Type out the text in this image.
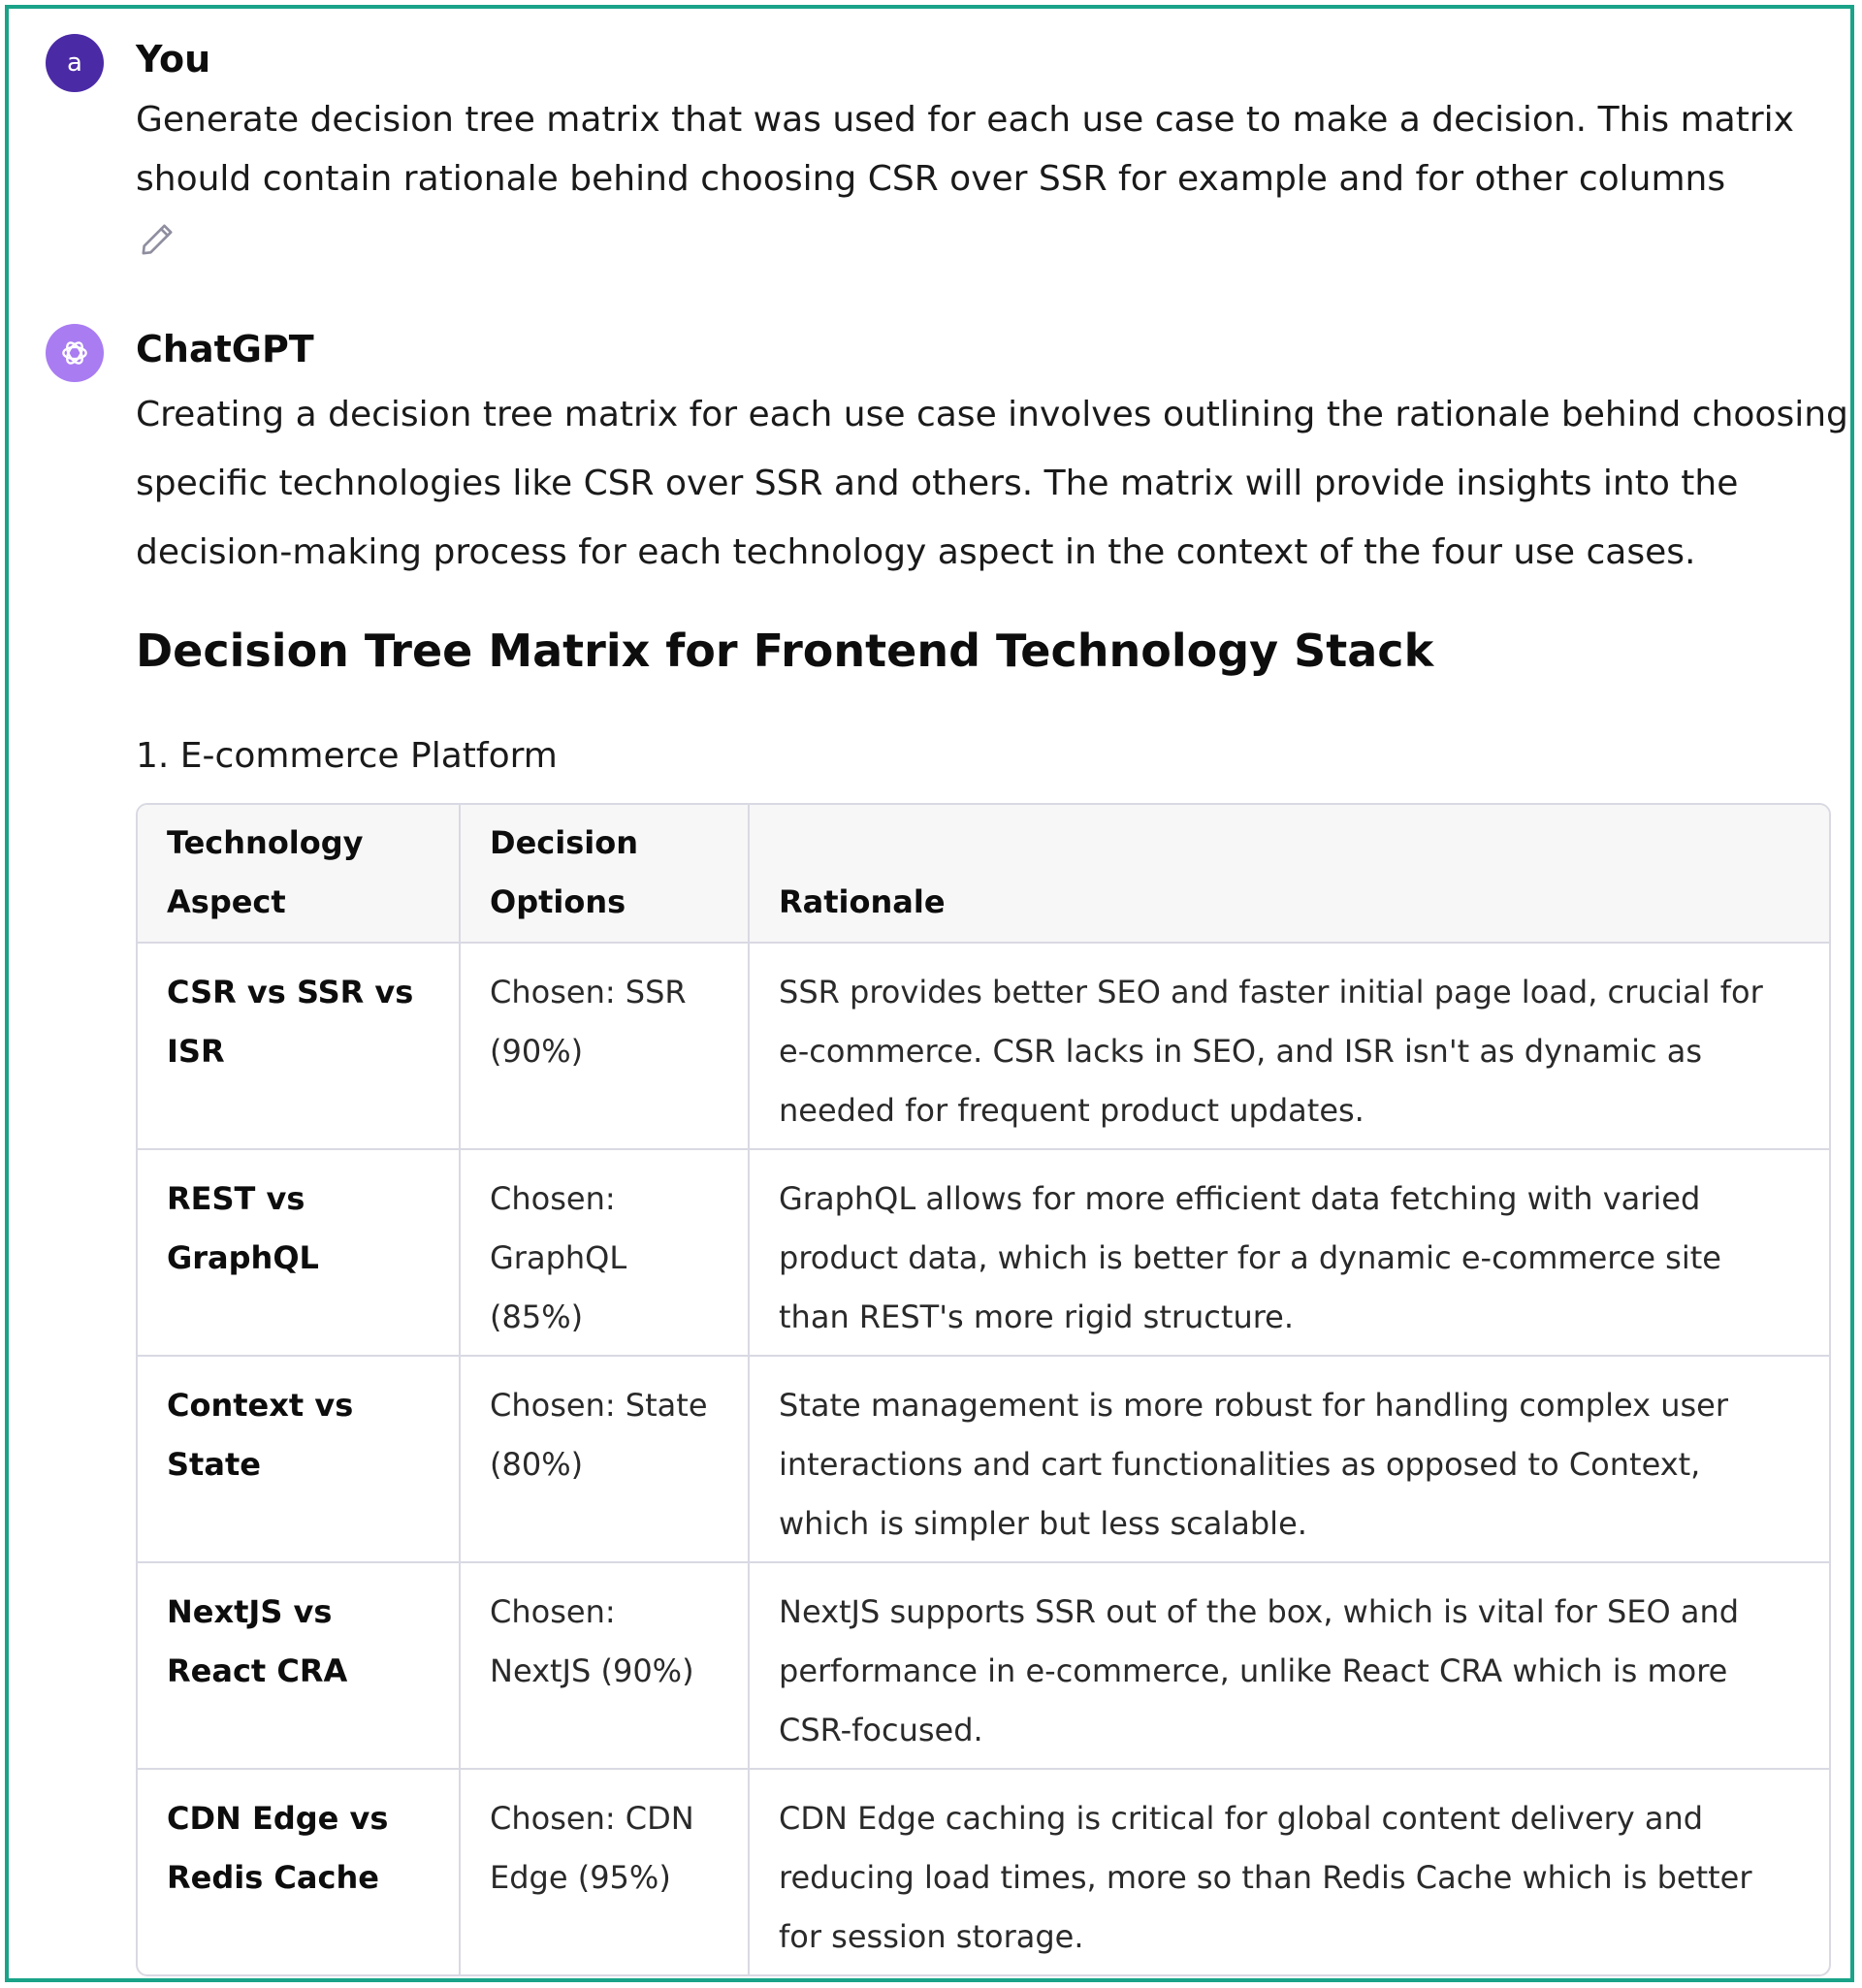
a You
Generate decision tree matrix that was used for each use case to make a decision. This matrix should contain rationale behind choosing CSR over SSR for example and for other columns
ChatGPT
Creating a decision tree matrix for each use case involves outlining the rationale behind choosing specific technologies like CSR over SSR and others. The matrix will provide insights into the decision-making process for each technology aspect in the context of the four use cases.
Decision Tree Matrix for Frontend Technology Stack
1. E-commerce Platform
Technology Aspect	Decision Options	Rationale
CSR vs SSR vs ISR	Chosen: SSR (90%)	SSR provides better SEO and faster initial page load, crucial for e-commerce. CSR lacks in SEO, and ISR isn't as dynamic as needed for frequent product updates.
REST vs GraphQL	Chosen: GraphQL (85%)	GraphQL allows for more efficient data fetching with varied product data, which is better for a dynamic e-commerce site than REST's more rigid structure.
Context vs State	Chosen: State (80%)	State management is more robust for handling complex user interactions and cart functionalities as opposed to Context, which is simpler but less scalable.
NextJS vs React CRA	Chosen: NextJS (90%)	NextJS supports SSR out of the box, which is vital for SEO and performance in e-commerce, unlike React CRA which is more CSR-focused.
CDN Edge vs Redis Cache	Chosen: CDN Edge (95%)	CDN Edge caching is critical for global content delivery and reducing load times, more so than Redis Cache which is better for session storage.
